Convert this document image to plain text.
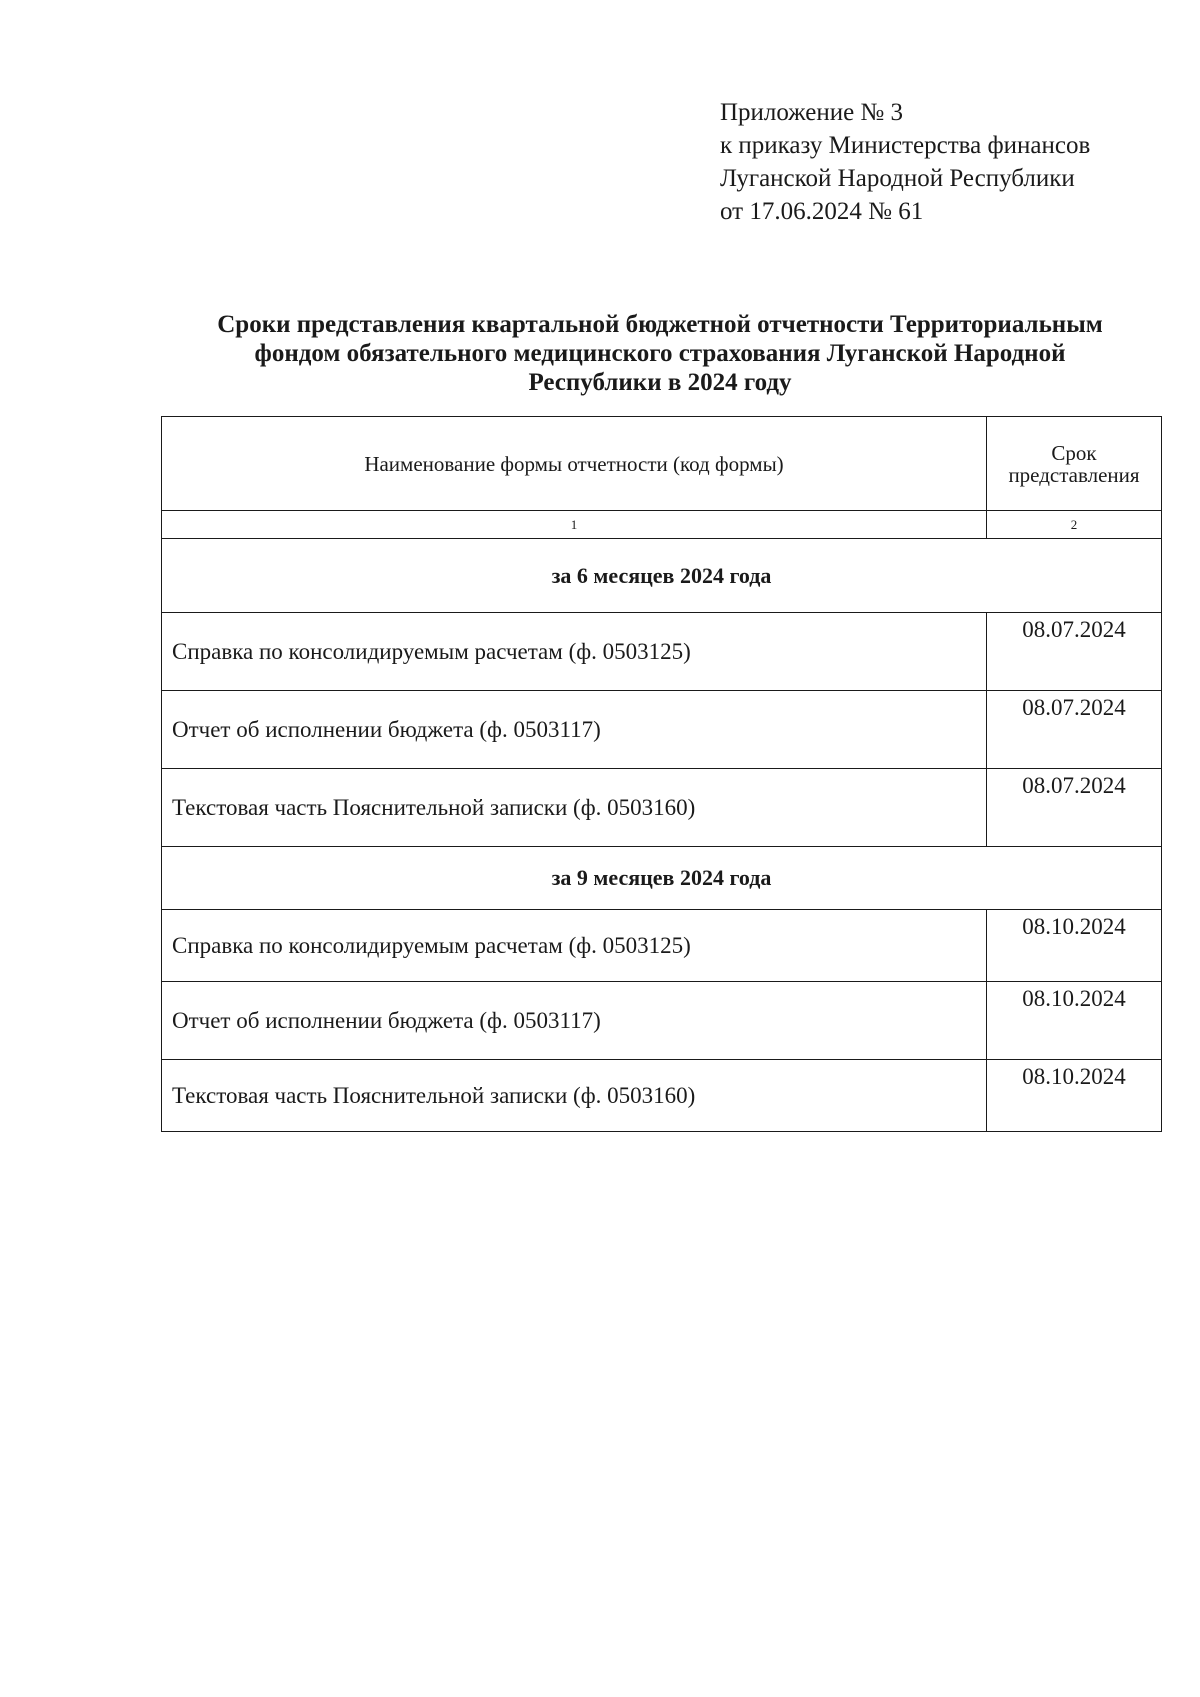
Приложение № 3
к приказу Министерства финансов
Луганской Народной Республики
от 17.06.2024 № 61
Сроки представления квартальной бюджетной отчетности Территориальным
фондом обязательного медицинского страхования Луганской Народной
Республики в 2024 году
Наименование формы отчетности (код формы)	Срок
представления

1	2
за 6 месяцев 2024 года	
Справка по консолидируемым расчетам (ф. 0503125)	08.07.2024
Отчет об исполнении бюджета (ф. 0503117)	08.07.2024
Текстовая часть Пояснительной записки (ф. 0503160)	08.07.2024
за 9 месяцев 2024 года	
Справка по консолидируемым расчетам (ф. 0503125)	08.10.2024
Отчет об исполнении бюджета (ф. 0503117)	08.10.2024
Текстовая часть Пояснительной записки (ф. 0503160)	08.10.2024
